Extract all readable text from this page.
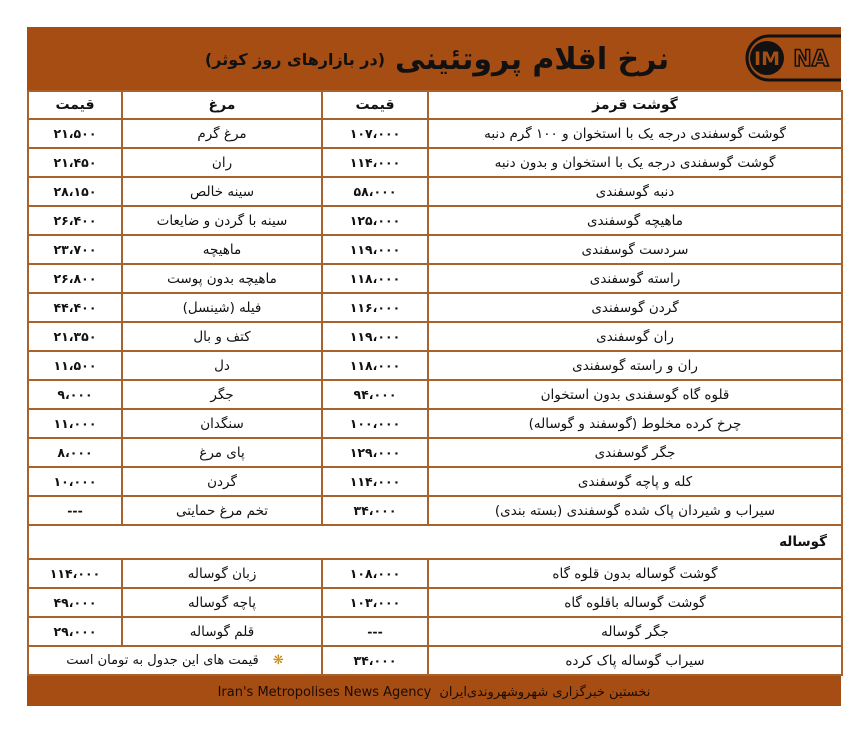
نرخ اقلام پروتئینی
(در بازارهای روز کوثر)	IM NA
گوشت قرمز	قیمت	مرغ	قیمت
گوشت گوسفندی درجه یک با استخوان و ۱۰۰ گرم دنبه	۱۰۷،۰۰۰	مرغ گرم	۲۱،۵۰۰
گوشت گوسفندی درجه یک با استخوان و بدون دنبه	۱۱۴،۰۰۰	ران	۲۱،۴۵۰
دنبه گوسفندی	۵۸،۰۰۰	سینه خالص	۲۸،۱۵۰
ماهیچه گوسفندی	۱۲۵،۰۰۰	سینه با گردن و ضایعات	۲۶،۴۰۰
سردست گوسفندی	۱۱۹،۰۰۰	ماهیچه	۲۳،۷۰۰
راسته گوسفندی	۱۱۸،۰۰۰	ماهیچه بدون پوست	۲۶،۸۰۰
گردن گوسفندی	۱۱۶،۰۰۰	فیله (شینسل)	۴۴،۴۰۰
ران گوسفندی	۱۱۹،۰۰۰	کتف و بال	۲۱،۳۵۰
ران و راسته گوسفندی	۱۱۸،۰۰۰	دل	۱۱،۵۰۰
قلوه گاه گوسفندی بدون استخوان	۹۴،۰۰۰	جگر	۹،۰۰۰
چرخ کرده مخلوط (گوسفند و گوساله)	۱۰۰،۰۰۰	سنگدان	۱۱،۰۰۰
جگر گوسفندی	۱۲۹،۰۰۰	پای مرغ	۸،۰۰۰
کله و پاچه گوسفندی	۱۱۴،۰۰۰	گردن	۱۰،۰۰۰
سیراب و شیردان پاک شده گوسفندی (بسته بندی)	۳۴،۰۰۰	تخم مرغ حمایتی	---
گوساله			
گوشت گوساله بدون قلوه گاه	۱۰۸،۰۰۰	زبان گوساله	۱۱۴،۰۰۰
گوشت گوساله باقلوه گاه	۱۰۳،۰۰۰	پاچه گوساله	۴۹،۰۰۰
جگر گوساله	---	قلم گوساله	۲۹،۰۰۰
سیراب گوساله پاک کرده	۳۴،۰۰۰	❋ قیمت های این جدول به تومان است	
Iran's Metropolises News Agency نخستین خبرگزاری شهروشهروندی‌ایران
